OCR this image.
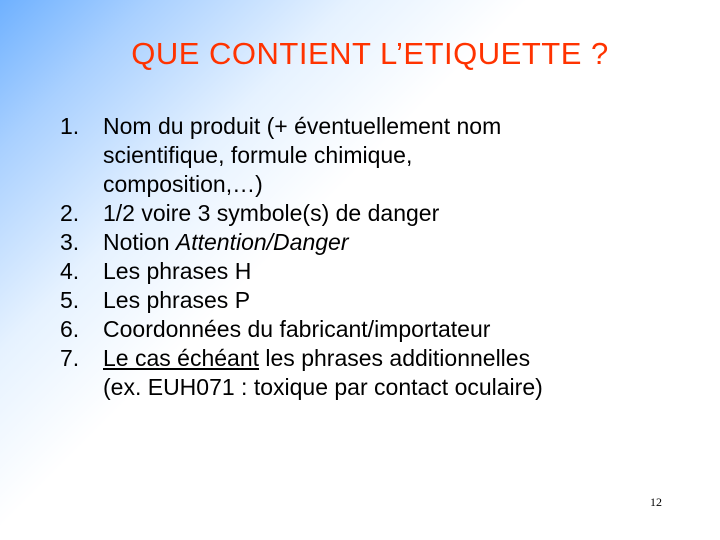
QUE CONTIENT L’ETIQUETTE ?
1.	Nom du produit (+ éventuellement nom
scientifique, formule chimique,
composition,…)
2.	1/2 voire 3 symbole(s) de danger
3.	Notion Attention/Danger
4.	Les phrases H
5.	Les phrases P
6.	Coordonnées du fabricant/importateur
7.	Le cas échéant les phrases additionnelles
(ex. EUH071 : toxique par contact oculaire)
12
